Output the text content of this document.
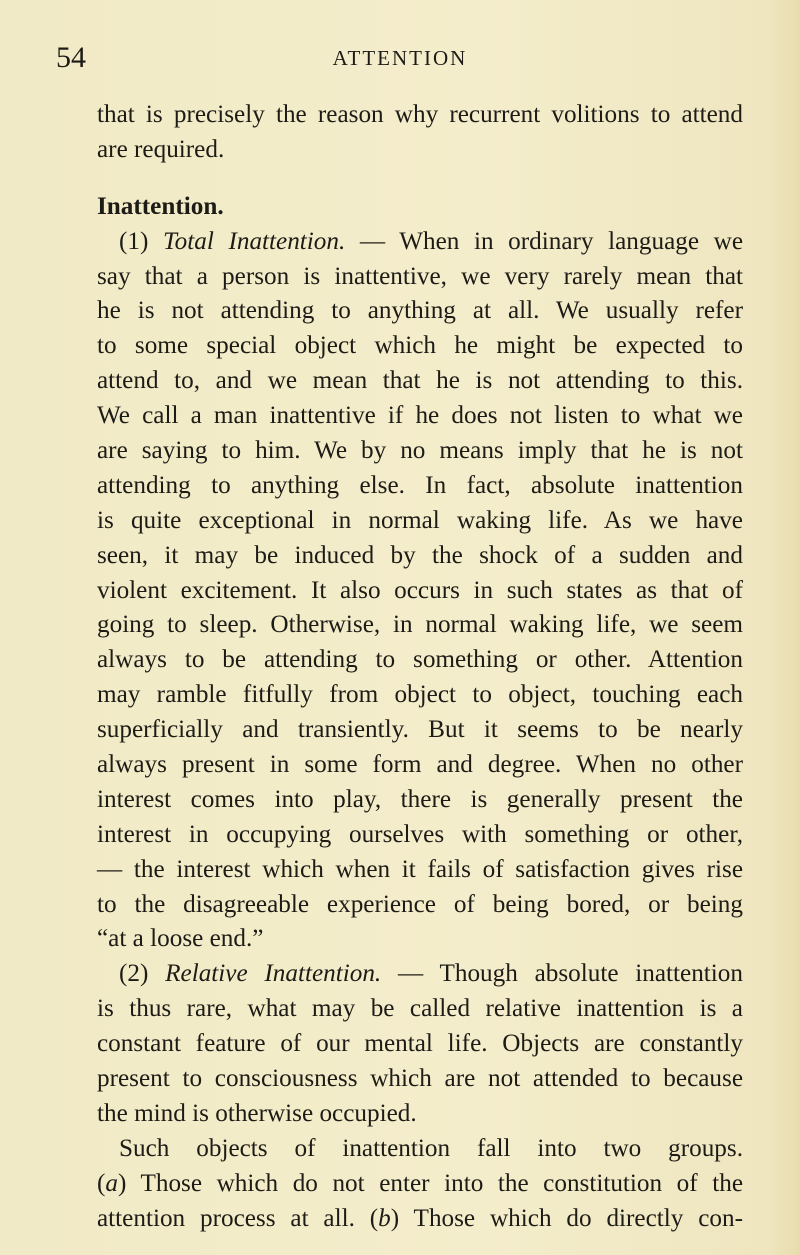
54	ATTENTION
that is precisely the reason why recurrent volitions to attend
are required.
Inattention.
(1) Total Inattention. — When in ordinary language we
say that a person is inattentive, we very rarely mean that
he is not attending to anything at all. We usually refer
to some special object which he might be expected to
attend to, and we mean that he is not attending to this.
We call a man inattentive if he does not listen to what we
are saying to him. We by no means imply that he is not
attending to anything else. In fact, absolute inattention
is quite exceptional in normal waking life. As we have
seen, it may be induced by the shock of a sudden and
violent excitement. It also occurs in such states as that of
going to sleep. Otherwise, in normal waking life, we seem
always to be attending to something or other. Attention
may ramble fitfully from object to object, touching each
superficially and transiently. But it seems to be nearly
always present in some form and degree. When no other
interest comes into play, there is generally present the
interest in occupying ourselves with something or other,
— the interest which when it fails of satisfaction gives rise
to the disagreeable experience of being bored, or being
“at a loose end.”
(2) Relative Inattention. — Though absolute inattention
is thus rare, what may be called relative inattention is a
constant feature of our mental life. Objects are constantly
present to consciousness which are not attended to because
the mind is otherwise occupied.
Such objects of inattention fall into two groups.
(a) Those which do not enter into the constitution of the
attention process at all. (b) Those which do directly con-
